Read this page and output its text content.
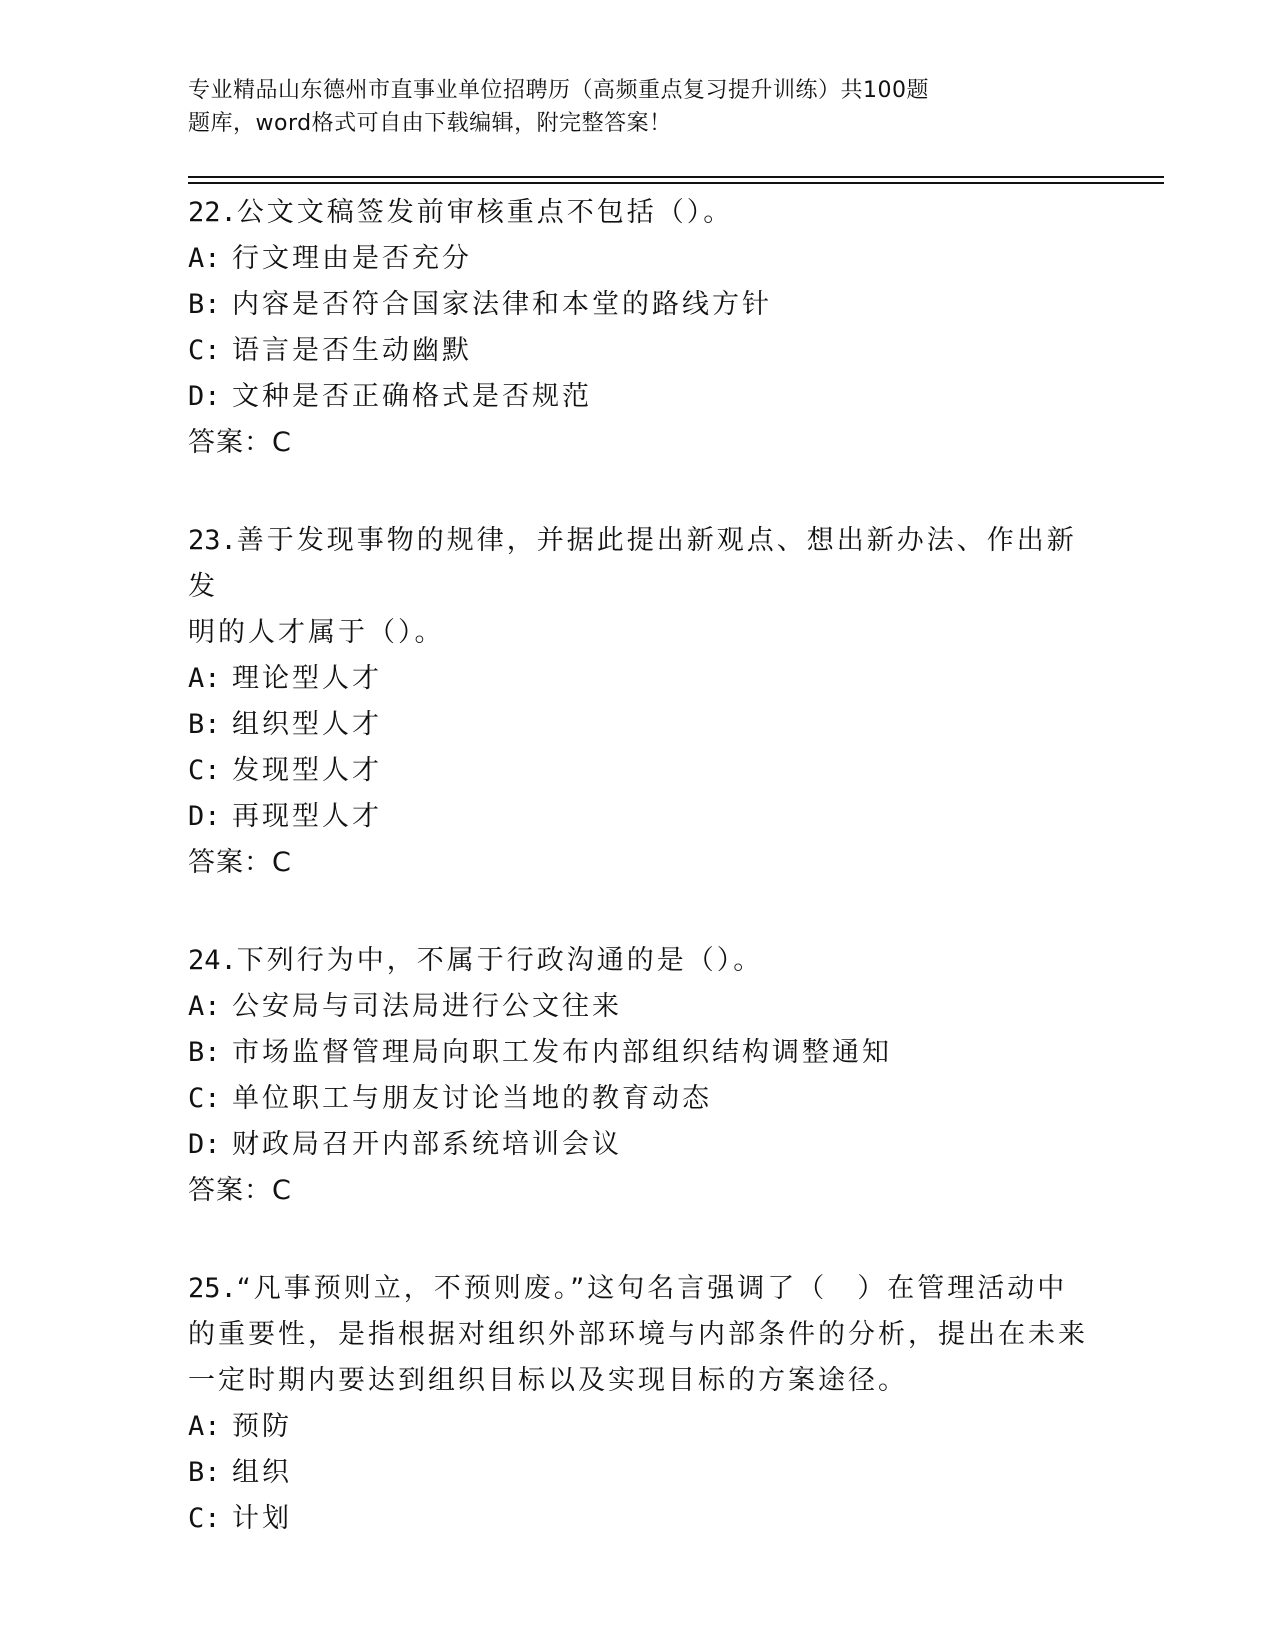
专业精品山东德州市直事业单位招聘历（高频重点复习提升训练）共100题
题库，word格式可自由下载编辑，附完整答案！
22.公文文稿签发前审核重点不包括（）。
A: 行文理由是否充分
B: 内容是否符合国家法律和本堂的路线方针
C: 语言是否生动幽默
D: 文种是否正确格式是否规范
答案：C
23.善于发现事物的规律，并据此提出新观点、想出新办法、作出新发
明的人才属于（）。
A: 理论型人才
B: 组织型人才
C: 发现型人才
D: 再现型人才
答案：C
24.下列行为中，不属于行政沟通的是（）。
A: 公安局与司法局进行公文往来
B: 市场监督管理局向职工发布内部组织结构调整通知
C: 单位职工与朋友讨论当地的教育动态
D: 财政局召开内部系统培训会议
答案：C
25.“凡事预则立，不预则废。”这句名言强调了（　）在管理活动中
的重要性，是指根据对组织外部环境与内部条件的分析，提出在未来
一定时期内要达到组织目标以及实现目标的方案途径。
A: 预防
B: 组织
C: 计划
